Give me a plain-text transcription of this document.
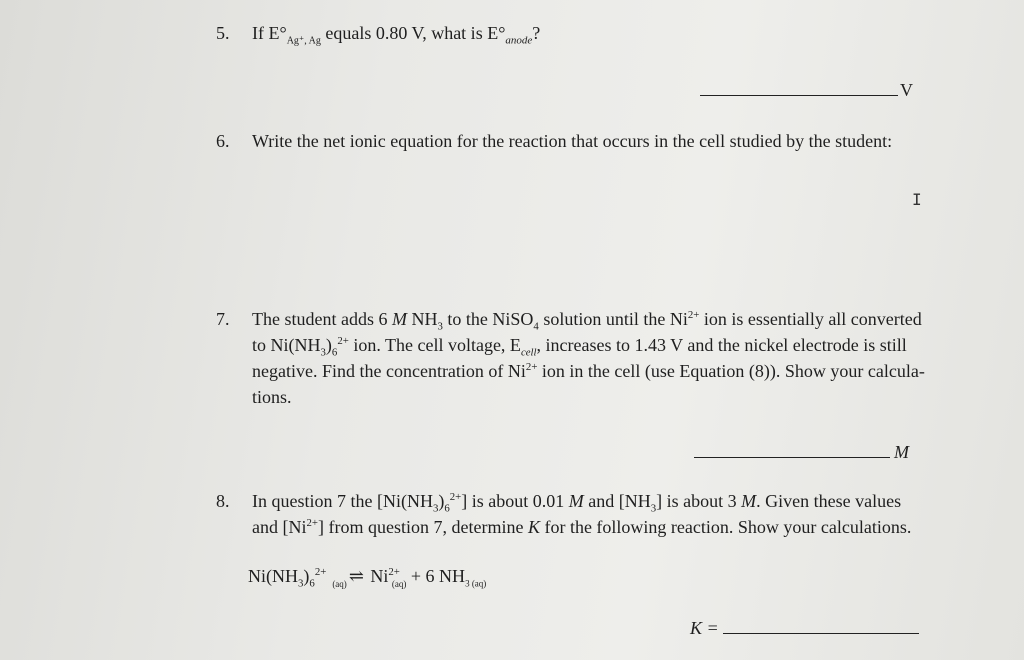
5. If $E^\circ_{Ag^+, Ag}$ equals 0.80 V, what is $E^\circ_{anode}$?
V
6. Write the net ionic equation for the reaction that occurs in the cell studied by the student:
I
7. The student adds 6 M $NH_3$ to the NiSO$_4$ solution until the $Ni^{2+}$ ion is essentially all converted
to $Ni(NH_3)_6^{2+}$ ion. The cell voltage, $E_{cell}$, increases to 1.43 V and the nickel electrode is still
negative. Find the concentration of $Ni^{2+}$ ion in the cell (use Equation (8)). Show your calcula-
tions.
M
8. In question 7 the $[Ni(NH_3)_6^{2+}]$ is about 0.01 M and $[NH_3]$ is about 3 M. Given these values
and $[Ni^{2+}]$ from question 7, determine K for the following reaction. Show your calculations.
$Ni(NH_3)_6^{2+}_{(aq)}$ ⇌ $Ni^{2+}_{(aq)} + 6$ $NH_{3 (aq)}$
K =
